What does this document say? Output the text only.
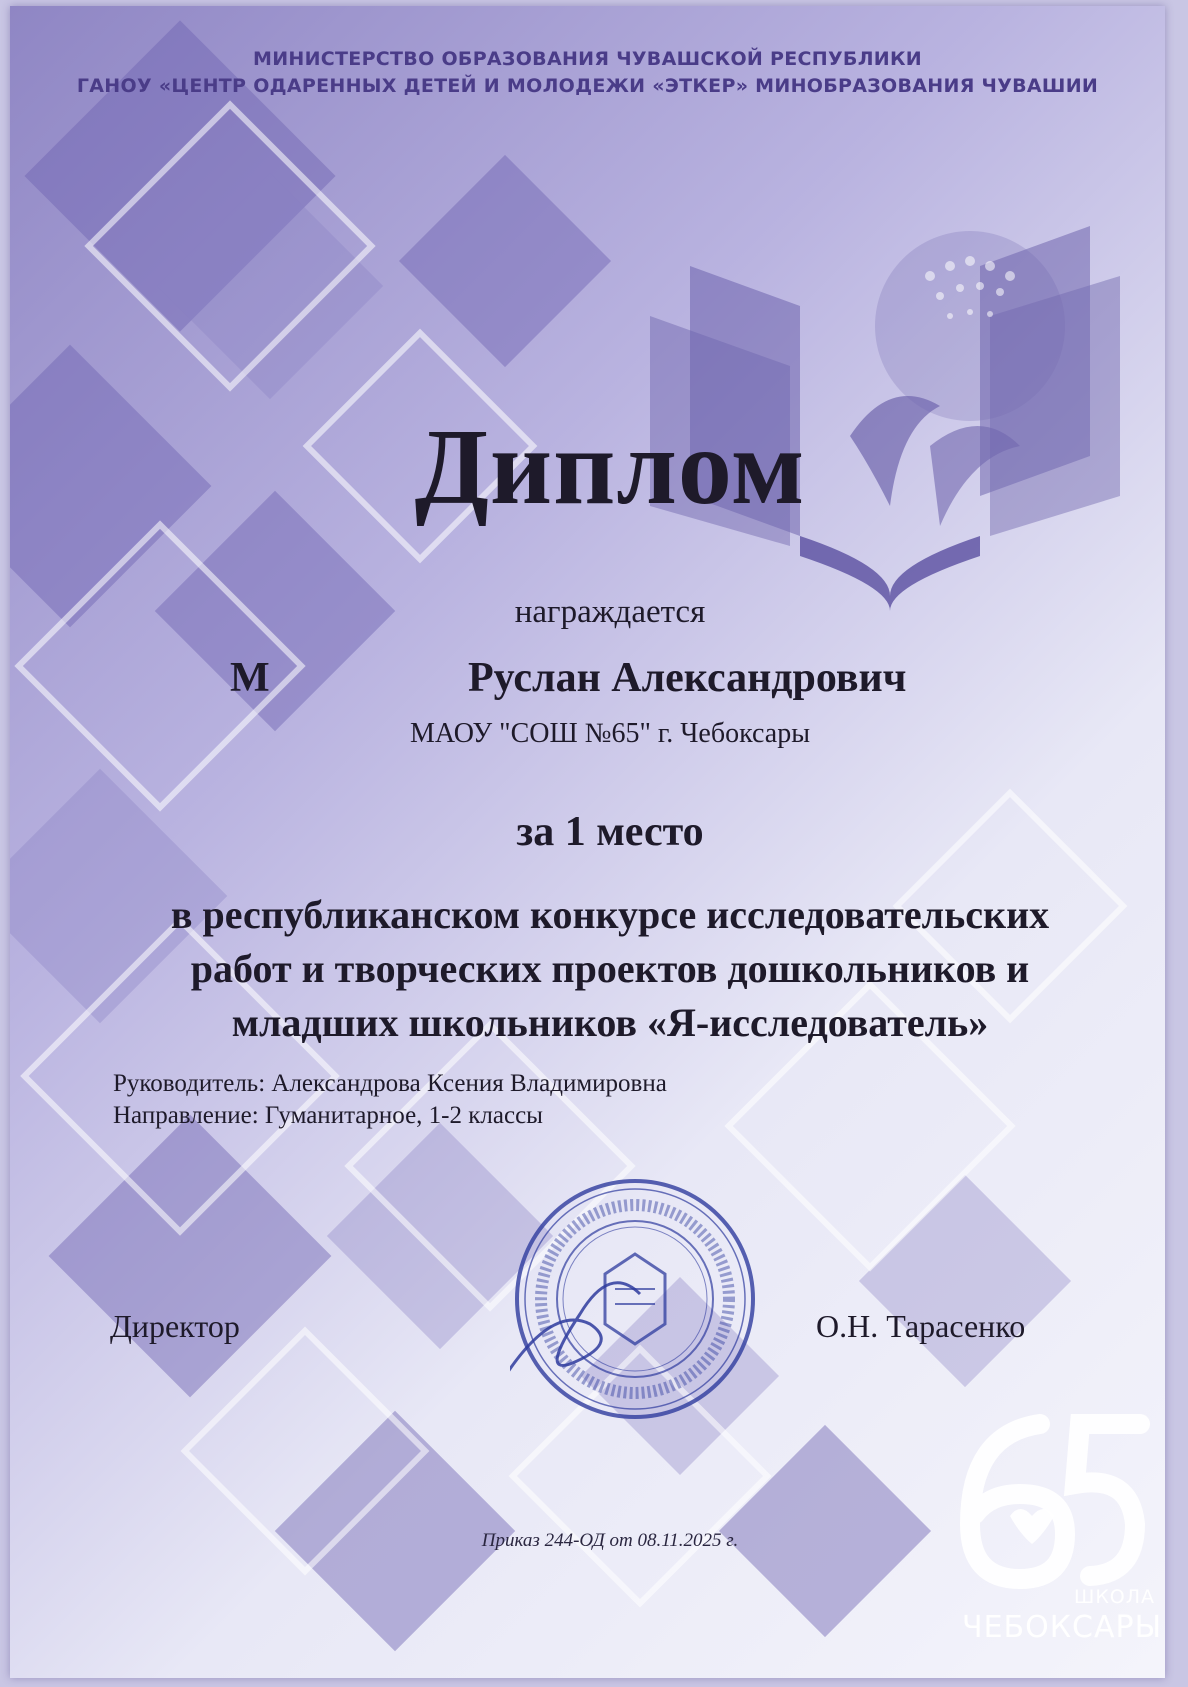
МИНИСТЕРСТВО ОБРАЗОВАНИЯ ЧУВАШСКОЙ РЕСПУБЛИКИ
ГАНОУ «ЦЕНТР ОДАРЕННЫХ ДЕТЕЙ И МОЛОДЕЖИ «ЭТКЕР» МИНОБРАЗОВАНИЯ ЧУВАШИИ
Диплом
награждается
М	Руслан Александрович
МАОУ "СОШ №65" г. Чебоксары
за 1 место
в республиканском конкурсе исследовательских
работ и творческих проектов дошкольников и
младших школьников «Я-исследователь»
Руководитель: Александрова Ксения Владимировна
Направление: Гуманитарное, 1-2 классы
Директор	О.Н. Тарасенко
Приказ 244-ОД от 08.11.2025 г.
ШКОЛА
ЧЕБОКСАРЫ
